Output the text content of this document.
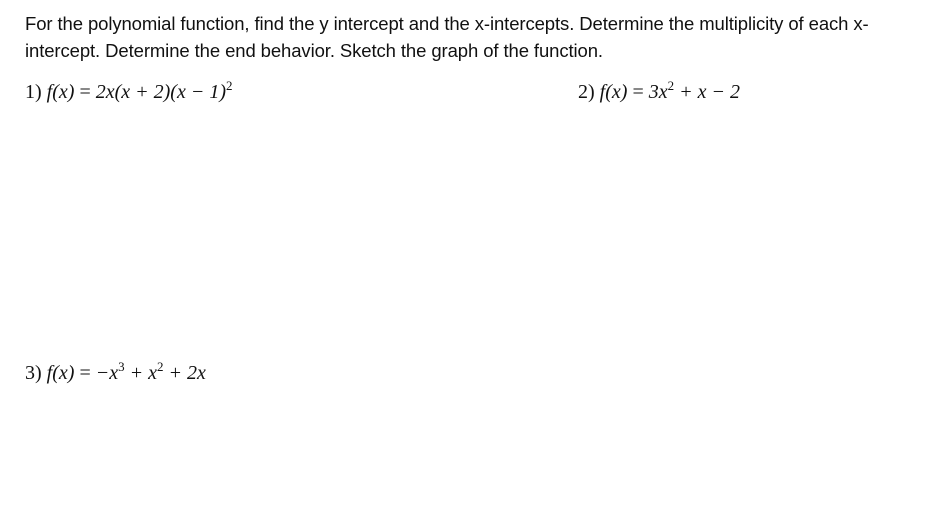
For the polynomial function, find the y intercept and the x-intercepts. Determine the multiplicity of each x-intercept. Determine the end behavior. Sketch the graph of the function.

1) $f(x) = 2x(x + 2)(x - 1)^2$	2) $f(x) = 3x^2 + x - 2$
3) $f(x) = -x^3 + x^2 + 2x$
